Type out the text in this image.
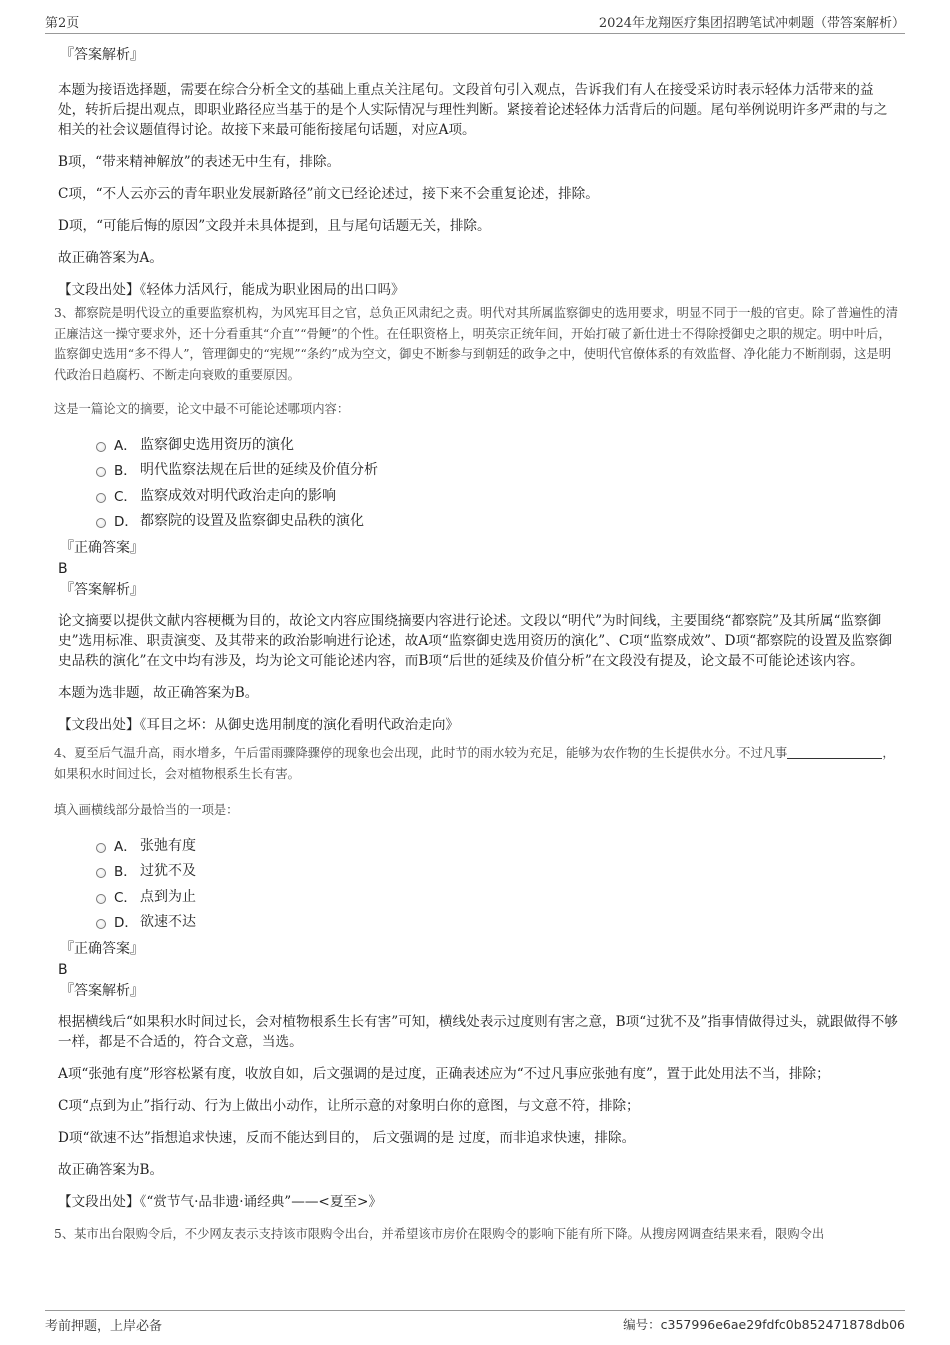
第2页	2024年龙翔医疗集团招聘笔试冲刺题（带答案解析）
『答案解析』

本题为接语选择题，需要在综合分析全文的基础上重点关注尾句。文段首句引入观点，告诉我们有人在接受采访时表示轻体力活带来的益处，转折后提出观点，即职业路径应当基于的是个人实际情况与理性判断。紧接着论述轻体力活背后的问题。尾句举例说明许多严肃的与之相关的社会议题值得讨论。故接下来最可能衔接尾句话题，对应A项。

B项，“带来精神解放”的表述无中生有，排除。

C项，“不人云亦云的青年职业发展新路径”前文已经论述过，接下来不会重复论述，排除。

D项，“可能后悔的原因”文段并未具体提到，且与尾句话题无关，排除。

故正确答案为A。

【文段出处】《轻体力活风行，能成为职业困局的出口吗》

3、都察院是明代设立的重要监察机构，为风宪耳目之官，总负正风肃纪之责。明代对其所属监察御史的选用要求，明显不同于一般的官吏。除了普遍性的清正廉洁这一操守要求外，还十分看重其“介直”“骨鲠”的个性。在任职资格上，明英宗正统年间，开始打破了新仕进士不得除授御史之职的规定。明中叶后，监察御史选用“多不得人”，管理御史的“宪规”“条约”成为空文，御史不断参与到朝廷的政争之中，使明代官僚体系的有效监督、净化能力不断削弱，这是明代政治日趋腐朽、不断走向衰败的重要原因。

这是一篇论文的摘要，论文中最不可能论述哪项内容：

A． 监察御史选用资历的演化
B． 明代监察法规在后世的延续及价值分析
C． 监察成效对明代政治走向的影响
D． 都察院的设置及监察御史品秩的演化
『正确答案』
B
『答案解析』

论文摘要以提供文献内容梗概为目的，故论文内容应围绕摘要内容进行论述。文段以“明代”为时间线，主要围绕“都察院”及其所属“监察御史”选用标准、职责演变、及其带来的政治影响进行论述，故A项“监察御史选用资历的演化”、C项“监察成效”、D项“都察院的设置及监察御史品秩的演化”在文中均有涉及，均为论文可能论述内容，而B项“后世的延续及价值分析”在文段没有提及，论文最不可能论述该内容。

本题为选非题，故正确答案为B。

【文段出处】《耳目之坏：从御史选用制度的演化看明代政治走向》

4、夏至后气温升高，雨水增多，午后雷雨骤降骤停的现象也会出现，此时节的雨水较为充足，能够为农作物的生长提供水分。不过凡事	，如果积水时间过长，会对植物根系生长有害。

填入画横线部分最恰当的一项是：

A． 张弛有度
B． 过犹不及
C． 点到为止
D． 欲速不达
『正确答案』
B
『答案解析』

根据横线后“如果积水时间过长，会对植物根系生长有害”可知，横线处表示过度则有害之意，B项“过犹不及”指事情做得过头，就跟做得不够一样，都是不合适的，符合文意，当选。

A项“张弛有度”形容松紧有度，收放自如，后文强调的是过度，正确表述应为“不过凡事应张弛有度”，置于此处用法不当，排除；

C项“点到为止”指行动、行为上做出小动作，让所示意的对象明白你的意图，与文意不符，排除；

D项“欲速不达”指想追求快速，反而不能达到目的， 后文强调的是 过度，而非追求快速，排除。

故正确答案为B。

【文段出处】《“赏节气·品非遗·诵经典”——<夏至>》

5、某市出台限购令后，不少网友表示支持该市限购令出台，并希望该市房价在限购令的影响下能有所下降。从搜房网调查结果来看，限购令出

考前押题，上岸必备	编号：c357996e6ae29fdfc0b852471878db06
